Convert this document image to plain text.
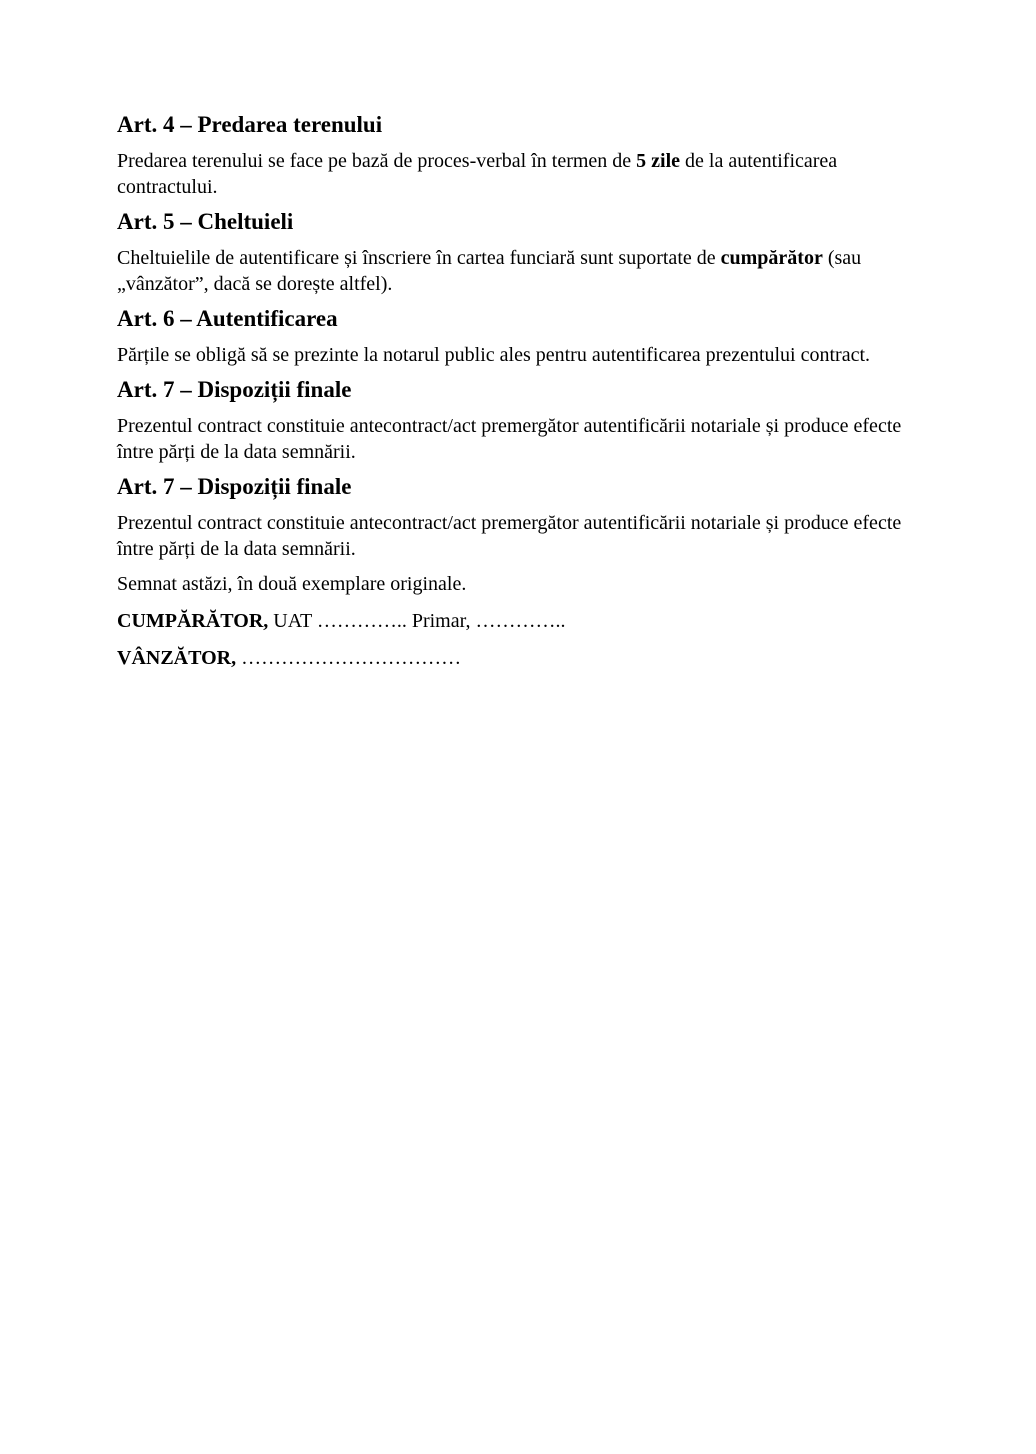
Art. 4 – Predarea terenului

Predarea terenului se face pe bază de proces-verbal în termen de 5 zile de la autentificarea contractului.

Art. 5 – Cheltuieli

Cheltuielile de autentificare și înscriere în cartea funciară sunt suportate de cumpărător (sau „vânzător”, dacă se dorește altfel).

Art. 6 – Autentificarea

Părțile se obligă să se prezinte la notarul public ales pentru autentificarea prezentului contract.

Art. 7 – Dispoziții finale

Prezentul contract constituie antecontract/act premergător autentificării notariale și produce efecte între părți de la data semnării.

Art. 7 – Dispoziții finale

Prezentul contract constituie antecontract/act premergător autentificării notariale și produce efecte între părți de la data semnării.

Semnat astăzi, în două exemplare originale.

CUMPĂRĂTOR, UAT ………….. Primar, …………..

VÂNZĂTOR, ……………………………
